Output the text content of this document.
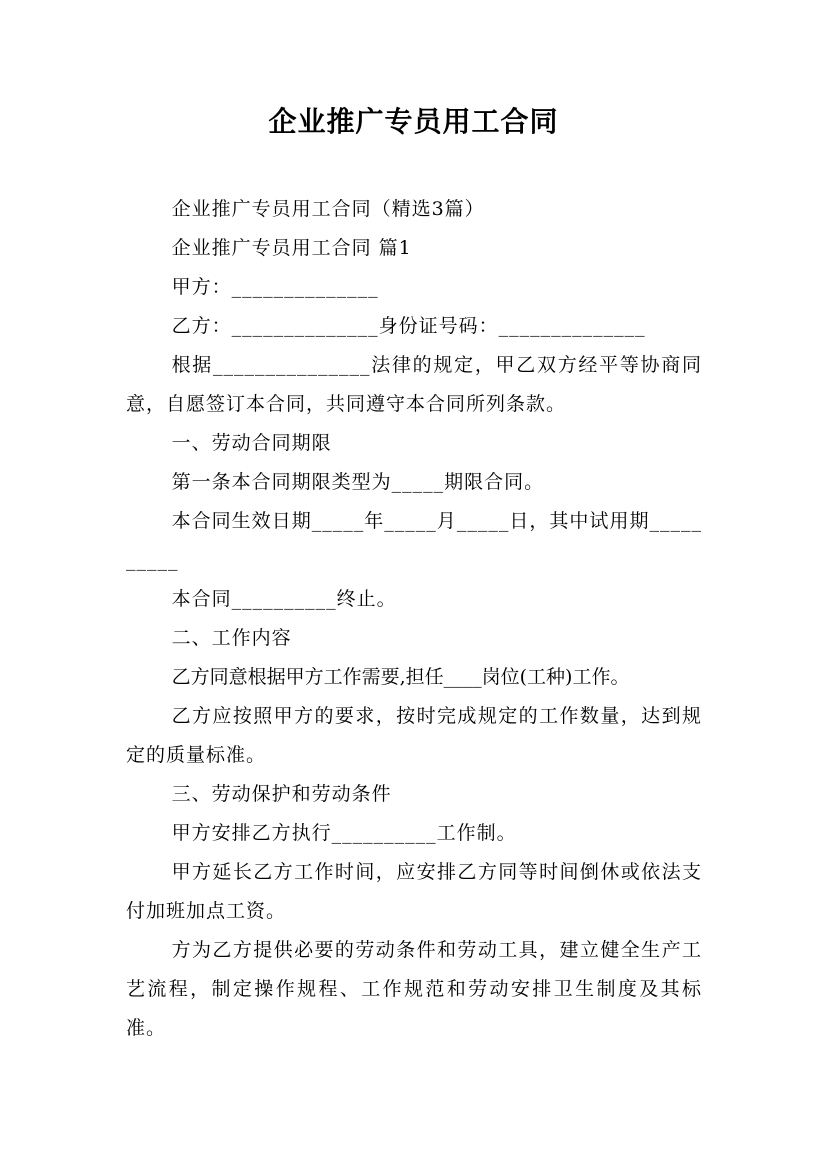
企业推广专员用工合同

企业推广专员用工合同（精选3篇）

企业推广专员用工合同 篇1

甲方：______________

乙方：______________身份证号码：______________

根据_______________法律的规定，甲乙双方经平等协商同意，自愿签订本合同，共同遵守本合同所列条款。

一、劳动合同期限

第一条本合同期限类型为_____期限合同。

本合同生效日期_____年_____月_____日，其中试用期__________

本合同__________终止。

二、工作内容

乙方同意根据甲方工作需要,担任____岗位(工种)工作。

乙方应按照甲方的要求，按时完成规定的工作数量，达到规定的质量标准。

三、劳动保护和劳动条件

甲方安排乙方执行__________工作制。

甲方延长乙方工作时间，应安排乙方同等时间倒休或依法支付加班加点工资。

方为乙方提供必要的劳动条件和劳动工具，建立健全生产工艺流程，制定操作规程、工作规范和劳动安排卫生制度及其标准。
